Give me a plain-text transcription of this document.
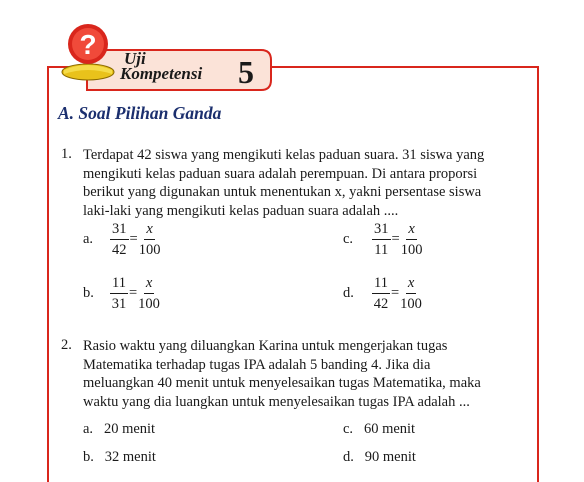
? Uji
Kompetensi 5
A. Soal Pilihan Ganda
1. Terdapat 42 siswa yang mengikuti kelas paduan suara. 31 siswa yang
mengikuti kelas paduan suara adalah perempuan. Di antara proporsi
berikut yang digunakan untuk menentukan x, yakni persentase siswa
laki-laki yang mengikuti kelas paduan suara adalah ....
a. $\frac{31}{42} = \frac{x}{100}$	c. $\frac{31}{11} = \frac{x}{100}$
b. $\frac{11}{31} = \frac{x}{100}$	d. $\frac{11}{42} = \frac{x}{100}$
2. Rasio waktu yang diluangkan Karina untuk mengerjakan tugas
Matematika terhadap tugas IPA adalah 5 banding 4. Jika dia
meluangkan 40 menit untuk menyelesaikan tugas Matematika, maka
waktu yang dia luangkan untuk menyelesaikan tugas IPA adalah ...
a. 20 menit	c. 60 menit
b. 32 menit	d. 90 menit
